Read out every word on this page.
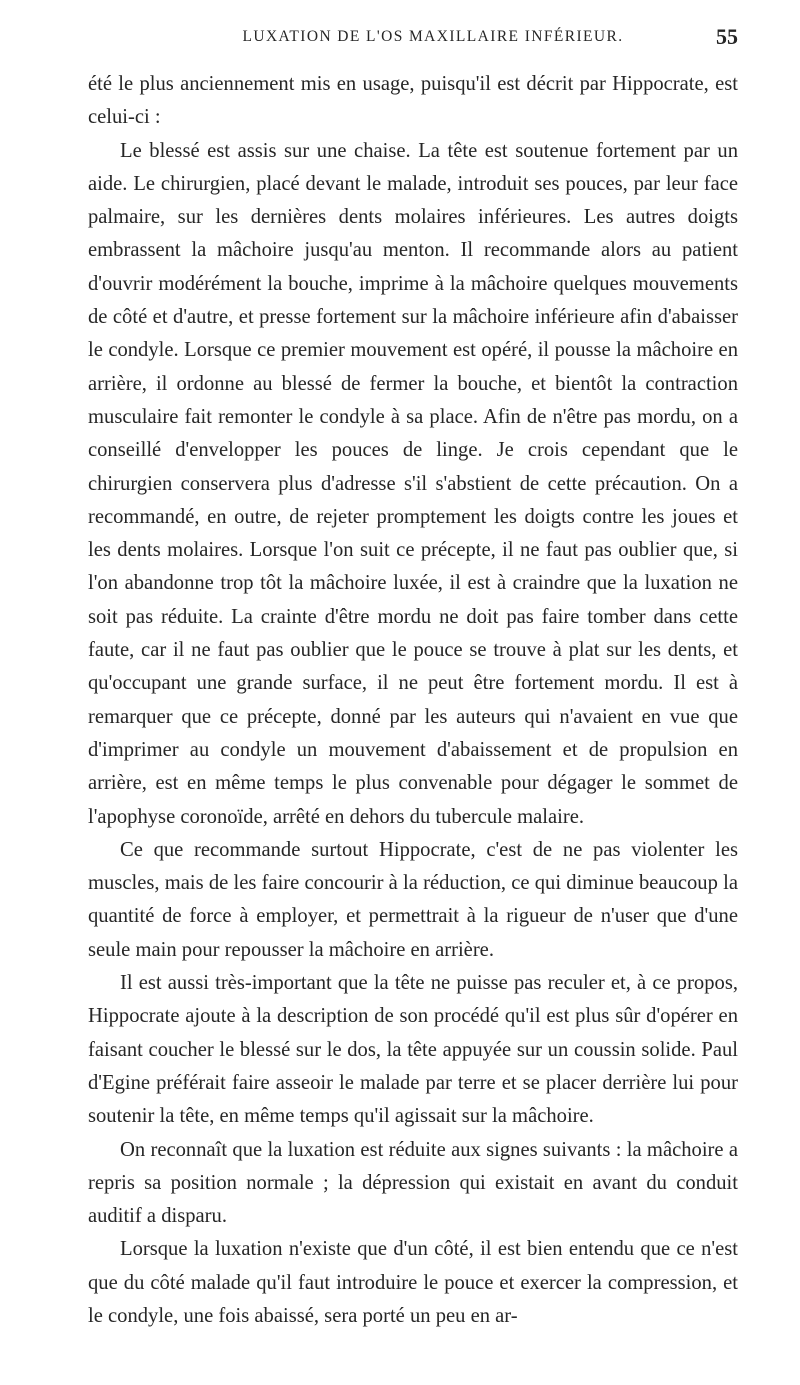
LUXATION DE L'OS MAXILLAIRE INFÉRIEUR.	55

été le plus anciennement mis en usage, puisqu'il est décrit par Hippocrate, est celui-ci :

Le blessé est assis sur une chaise. La tête est soutenue fortement par un aide. Le chirurgien, placé devant le malade, introduit ses pouces, par leur face palmaire, sur les dernières dents molaires inférieures. Les autres doigts embrassent la mâchoire jusqu'au menton. Il recommande alors au patient d'ouvrir modérément la bouche, imprime à la mâchoire quelques mouvements de côté et d'autre, et presse fortement sur la mâchoire inférieure afin d'abaisser le condyle. Lorsque ce premier mouvement est opéré, il pousse la mâchoire en arrière, il ordonne au blessé de fermer la bouche, et bientôt la contraction musculaire fait remonter le condyle à sa place. Afin de n'être pas mordu, on a conseillé d'envelopper les pouces de linge. Je crois cependant que le chirurgien conservera plus d'adresse s'il s'abstient de cette précaution. On a recommandé, en outre, de rejeter promptement les doigts contre les joues et les dents molaires. Lorsque l'on suit ce précepte, il ne faut pas oublier que, si l'on abandonne trop tôt la mâchoire luxée, il est à craindre que la luxation ne soit pas réduite. La crainte d'être mordu ne doit pas faire tomber dans cette faute, car il ne faut pas oublier que le pouce se trouve à plat sur les dents, et qu'occupant une grande surface, il ne peut être fortement mordu. Il est à remarquer que ce précepte, donné par les auteurs qui n'avaient en vue que d'imprimer au condyle un mouvement d'abaissement et de propulsion en arrière, est en même temps le plus convenable pour dégager le sommet de l'apophyse coronoïde, arrêté en dehors du tubercule malaire.

Ce que recommande surtout Hippocrate, c'est de ne pas violenter les muscles, mais de les faire concourir à la réduction, ce qui diminue beaucoup la quantité de force à employer, et permettrait à la rigueur de n'user que d'une seule main pour repousser la mâchoire en arrière.

Il est aussi très-important que la tête ne puisse pas reculer et, à ce propos, Hippocrate ajoute à la description de son procédé qu'il est plus sûr d'opérer en faisant coucher le blessé sur le dos, la tête appuyée sur un coussin solide. Paul d'Egine préférait faire asseoir le malade par terre et se placer derrière lui pour soutenir la tête, en même temps qu'il agissait sur la mâchoire.

On reconnaît que la luxation est réduite aux signes suivants : la mâchoire a repris sa position normale ; la dépression qui existait en avant du conduit auditif a disparu.

Lorsque la luxation n'existe que d'un côté, il est bien entendu que ce n'est que du côté malade qu'il faut introduire le pouce et exercer la compression, et le condyle, une fois abaissé, sera porté un peu en ar-
